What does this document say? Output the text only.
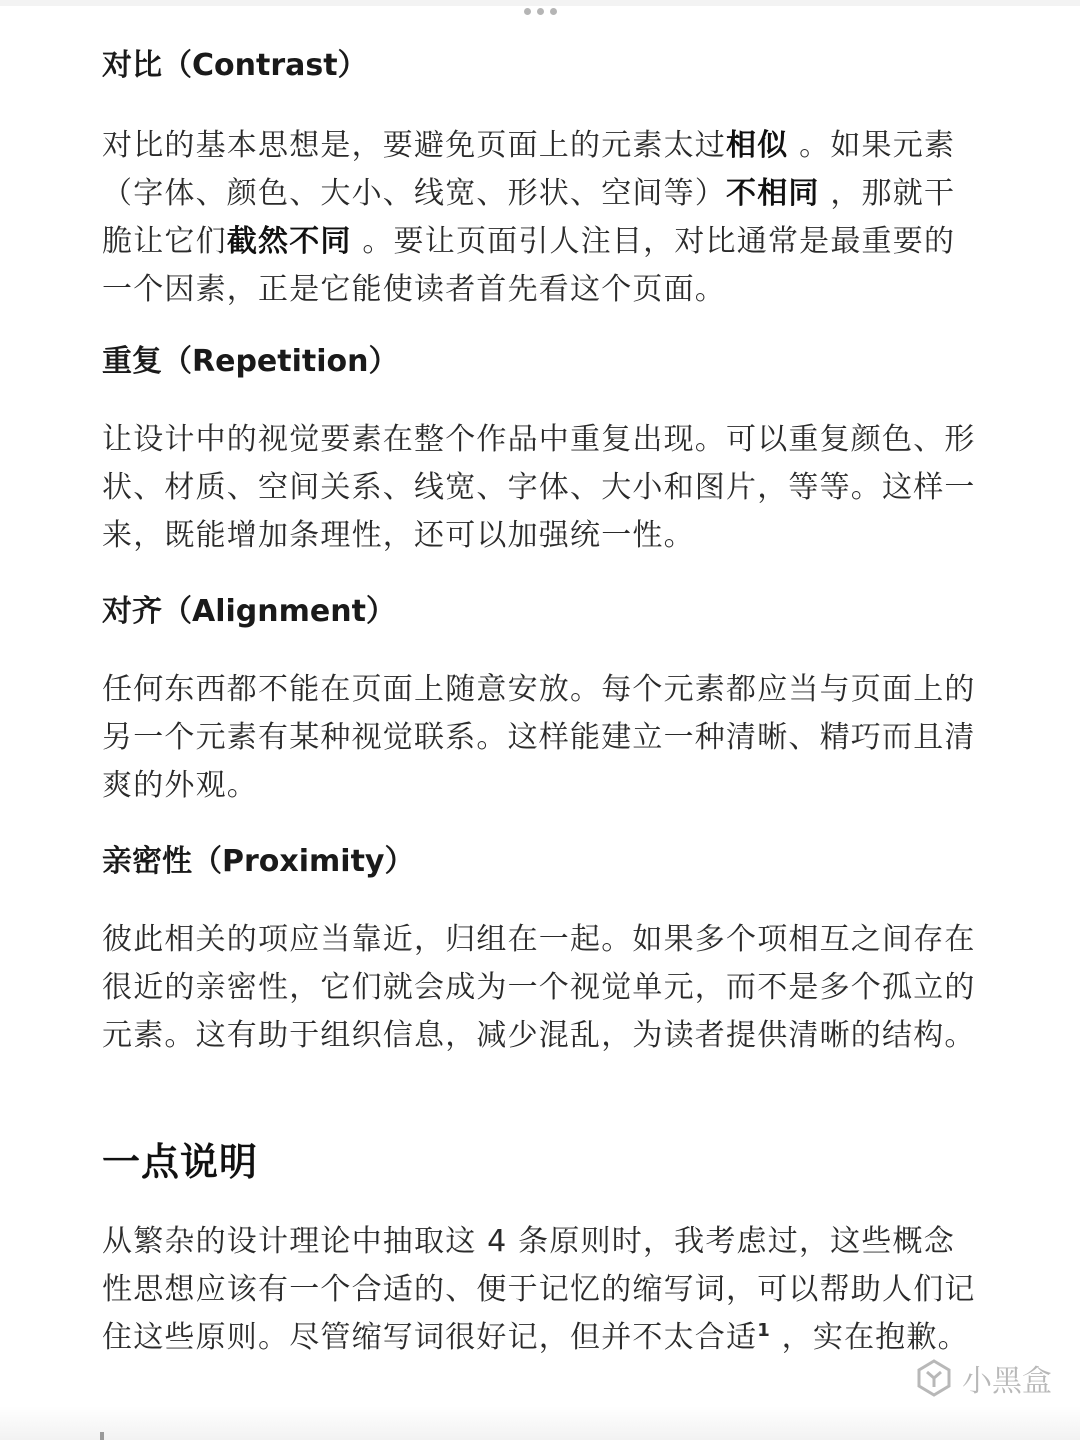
对比（Contrast）

对比的基本思想是，要避免页面上的元素太过相似 。如果元素（字体、颜色、大小、线宽、形状、空间等）不相同 ，那就干脆让它们截然不同 。要让页面引人注目，对比通常是最重要的一个因素，正是它能使读者首先看这个页面。

重复（Repetition）

让设计中的视觉要素在整个作品中重复出现。可以重复颜色、形状、材质、空间关系、线宽、字体、大小和图片，等等。这样一来，既能增加条理性，还可以加强统一性。

对齐（Alignment）

任何东西都不能在页面上随意安放。每个元素都应当与页面上的另一个元素有某种视觉联系。这样能建立一种清晰、精巧而且清爽的外观。

亲密性（Proximity）

彼此相关的项应当靠近，归组在一起。如果多个项相互之间存在很近的亲密性，它们就会成为一个视觉单元，而不是多个孤立的元素。这有助于组织信息，减少混乱，为读者提供清晰的结构。

一点说明

从繁杂的设计理论中抽取这 4 条原则时，我考虑过，这些概念性思想应该有一个合适的、便于记忆的缩写词，可以帮助人们记住这些原则。尽管缩写词很好记，但并不太合适$^1$ ，实在抱歉。

小黑盒
